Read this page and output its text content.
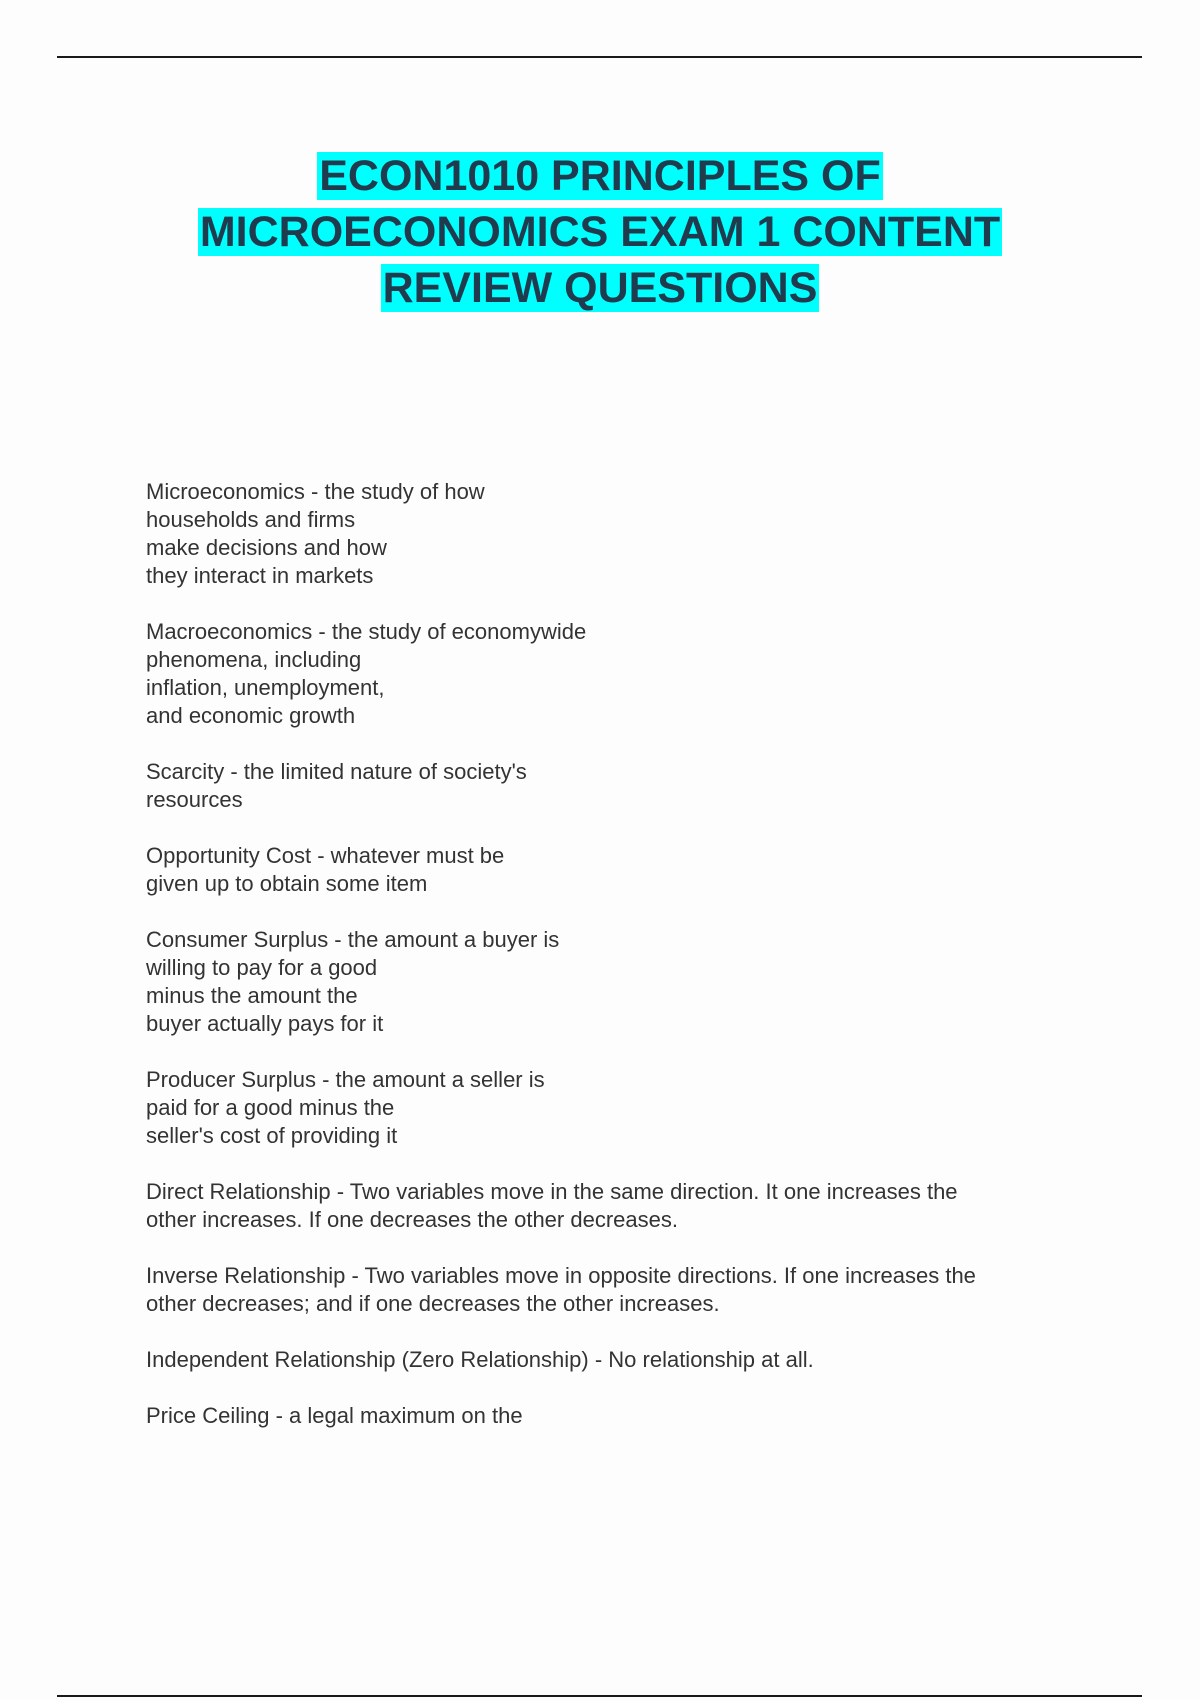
ECON1010 PRINCIPLES OF
MICROECONOMICS EXAM 1 CONTENT
REVIEW QUESTIONS
Microeconomics - the study of how
households and firms
make decisions and how
they interact in markets
Macroeconomics - the study of economywide
phenomena, including
inflation, unemployment,
and economic growth
Scarcity - the limited nature of society's
resources
Opportunity Cost - whatever must be
given up to obtain some item
Consumer Surplus - the amount a buyer is
willing to pay for a good
minus the amount the
buyer actually pays for it
Producer Surplus - the amount a seller is
paid for a good minus the
seller's cost of providing it
Direct Relationship - Two variables move in the same direction. It one increases the
other increases. If one decreases the other decreases.
Inverse Relationship - Two variables move in opposite directions. If one increases the
other decreases; and if one decreases the other increases.
Independent Relationship (Zero Relationship) - No relationship at all.
Price Ceiling - a legal maximum on the
